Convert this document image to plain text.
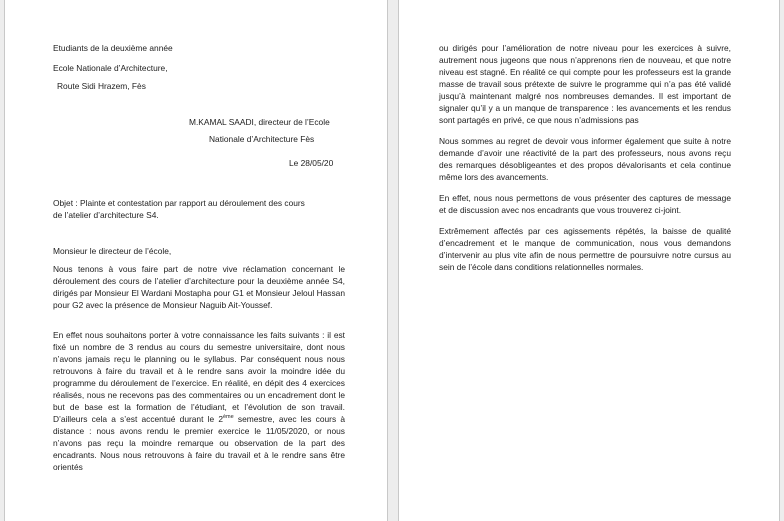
Etudiants de la deuxième année
Ecole Nationale d’Architecture,
Route Sidi Hrazem, Fès
M.KAMAL SAADI, directeur de l’Ecole
Nationale d’Architecture Fès
Le 28/05/20
Objet : Plainte et contestation par rapport au déroulement des cours
de l’atelier d’architecture S4.
Monsieur le directeur de l’école,

Nous tenons à vous faire part de notre vive réclamation concernant le déroulement des cours de l’atelier d’architecture pour la deuxième année S4, dirigés par Monsieur El Wardani Mostapha pour G1 et Monsieur Jeloul Hassan pour G2 avec la présence de Monsieur Naguib Ait-Youssef.

En effet nous souhaitons porter à votre connaissance les faits suivants : il est fixé un nombre de 3 rendus au cours du semestre universitaire, dont nous n’avons jamais reçu le planning ou le syllabus. Par conséquent nous nous retrouvons à faire du travail et à le rendre sans avoir la moindre idée du programme du déroulement de l’exercice. En réalité, en dépit des 4 exercices réalisés, nous ne recevons pas des commentaires ou un encadrement dont le but de base est la formation de l’étudiant, et l’évolution de son travail. D’ailleurs cela a s’est accentué durant le 2ème semestre, avec les cours à distance : nous avons rendu le premier exercice le 11/05/2020, or nous n’avons pas reçu la moindre remarque ou observation de la part des encadrants. Nous nous retrouvons à faire du travail et à le rendre sans être orientés

ou dirigés pour l’amélioration de notre niveau pour les exercices à suivre, autrement nous jugeons que nous n’apprenons rien de nouveau, et que notre niveau est stagné. En réalité ce qui compte pour les professeurs est la grande masse de travail sous prétexte de suivre le programme qui n’a pas été validé jusqu’à maintenant malgré nos nombreuses demandes. Il est important de signaler qu’il y a un manque de transparence : les avancements et les rendus sont partagés en privé, ce que nous n’admissions pas

Nous sommes au regret de devoir vous informer également que suite à notre demande d’avoir une réactivité de la part des professeurs, nous avons reçu des remarques désobligeantes et des propos dévalorisants et cela continue même lors des avancements.

En effet, nous nous permettons de vous présenter des captures de message et de discussion avec nos encadrants que vous trouverez ci-joint.

Extrêmement affectés par ces agissements répétés, la baisse de qualité d’encadrement et le manque de communication, nous vous demandons d’intervenir au plus vite afin de nous permettre de poursuivre notre cursus au sein de l’école dans conditions relationnelles normales.
